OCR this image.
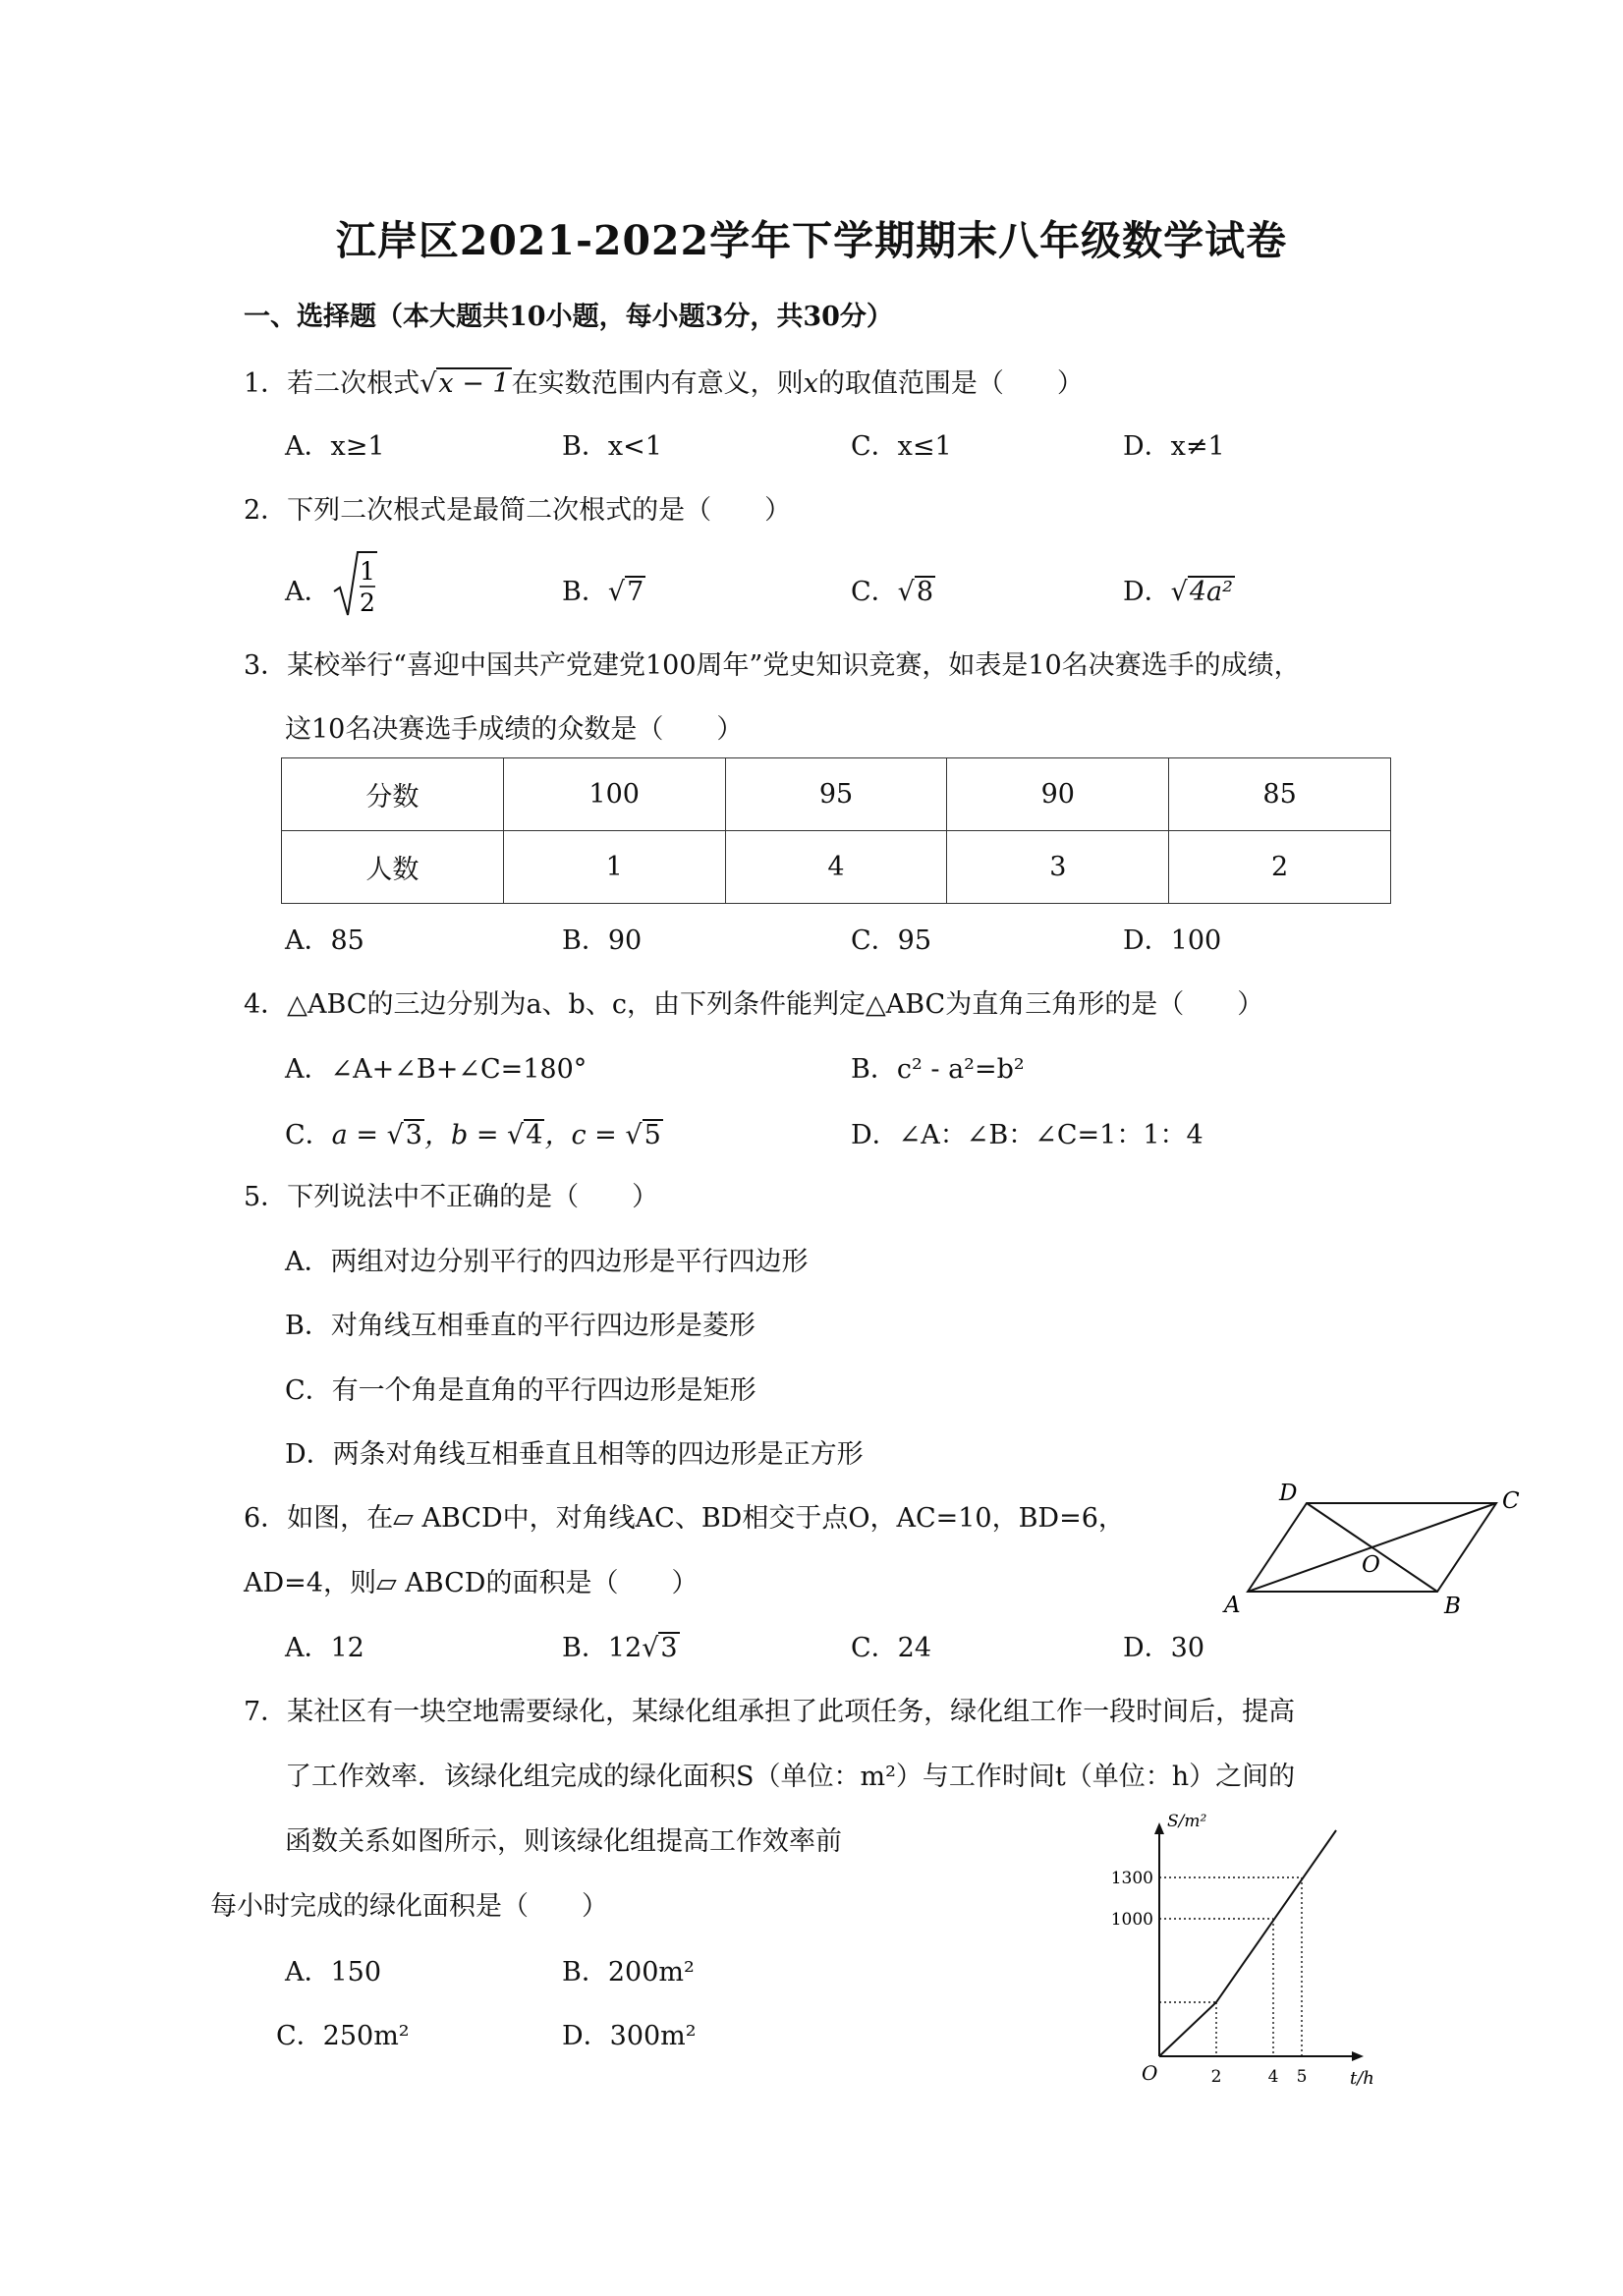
江岸区2021-2022学年下学期期末八年级数学试卷
一、选择题（本大题共10小题，每小题3分，共30分）
1．若二次根式√x − 1在实数范围内有意义，则x的取值范围是（　　）
A．x≥1	B．x<1	C．x≤1	D．x≠1
2．下列二次根式是最简二次根式的是（　　）
A．
1
2	B．√7	C．√8	D．√4a²
3．某校举行“喜迎中国共产党建党100周年”党史知识竞赛，如表是10名决赛选手的成绩，
这10名决赛选手成绩的众数是（　　）
分数	100	95	90	85
人数	1	4	3	2
A．85	B．90	C．95	D．100
4．△ABC的三边分别为a、b、c，由下列条件能判定△ABC为直角三角形的是（　　）
A．∠A+∠B+∠C=180°	B．c² - a²=b²
C．a = √3，b = √4，c = √5	D．∠A：∠B：∠C=1：1：4
5．下列说法中不正确的是（　　）
A．两组对边分别平行的四边形是平行四边形
B．对角线互相垂直的平行四边形是菱形
C．有一个角是直角的平行四边形是矩形
D．两条对角线互相垂直且相等的四边形是正方形
6．如图，在▱ ABCD中，对角线AC、BD相交于点O，AC=10，BD=6，
AD=4，则▱ ABCD的面积是（　　）
D	C
O
A	B
A．12	B．12√3	C．24	D．30
7．某社区有一块空地需要绿化，某绿化组承担了此项任务，绿化组工作一段时间后，提高
了工作效率．该绿化组完成的绿化面积S（单位：m²）与工作时间t（单位：h）之间的
函数关系如图所示，则该绿化组提高工作效率前
每小时完成的绿化面积是（　　）
A．150	B．200m²
C．250m²	D．300m²
S/m²
t/h
O
1300
1000
2	4 5
